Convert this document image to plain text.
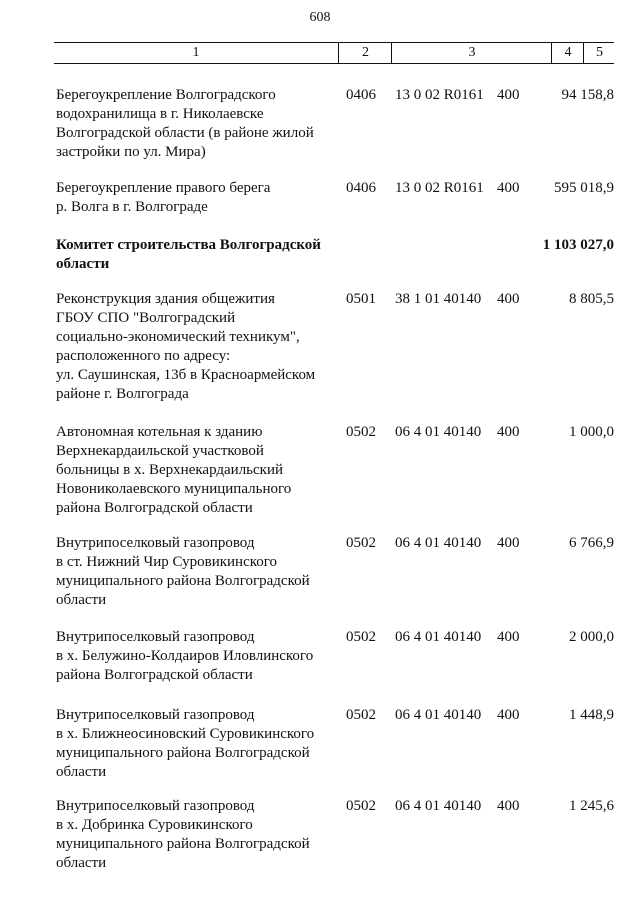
608
1	2	3	4	5
Берегоукрепление Волгоградского
водохранилища в г. Николаевске
Волгоградской области (в районе жилой
застройки по ул. Мира)
0406	13 0 02 R0161 400	94 158,8
Берегоукрепление правого берега
р. Волга в г. Волгограде
0406	13 0 02 R0161 400	595 018,9
Комитет строительства Волгоградской
области
1 103 027,0
Реконструкция здания общежития
ГБОУ СПО "Волгоградский
социально-экономический техникум",
расположенного по адресу:
ул. Саушинская, 13б в Красноармейском
районе г. Волгограда
0501	38 1 01 40140	400	8 805,5
Автономная котельная к зданию
Верхнекардаильской участковой
больницы в х. Верхнекардаильский
Новониколаевского муниципального
района Волгоградской области
0502	06 4 01 40140	400	1 000,0
Внутрипоселковый газопровод
в ст. Нижний Чир Суровикинского
муниципального района Волгоградской
области
0502	06 4 01 40140	400	6 766,9
Внутрипоселковый газопровод
в х. Белужино-Колдаиров Иловлинского
района Волгоградской области
0502	06 4 01 40140	400	2 000,0
Внутрипоселковый газопровод
в х. Ближнеосиновский Суровикинского
муниципального района Волгоградской
области
0502	06 4 01 40140	400	1 448,9
Внутрипоселковый газопровод
в х. Добринка Суровикинского
муниципального района Волгоградской
области
0502	06 4 01 40140	400	1 245,6
